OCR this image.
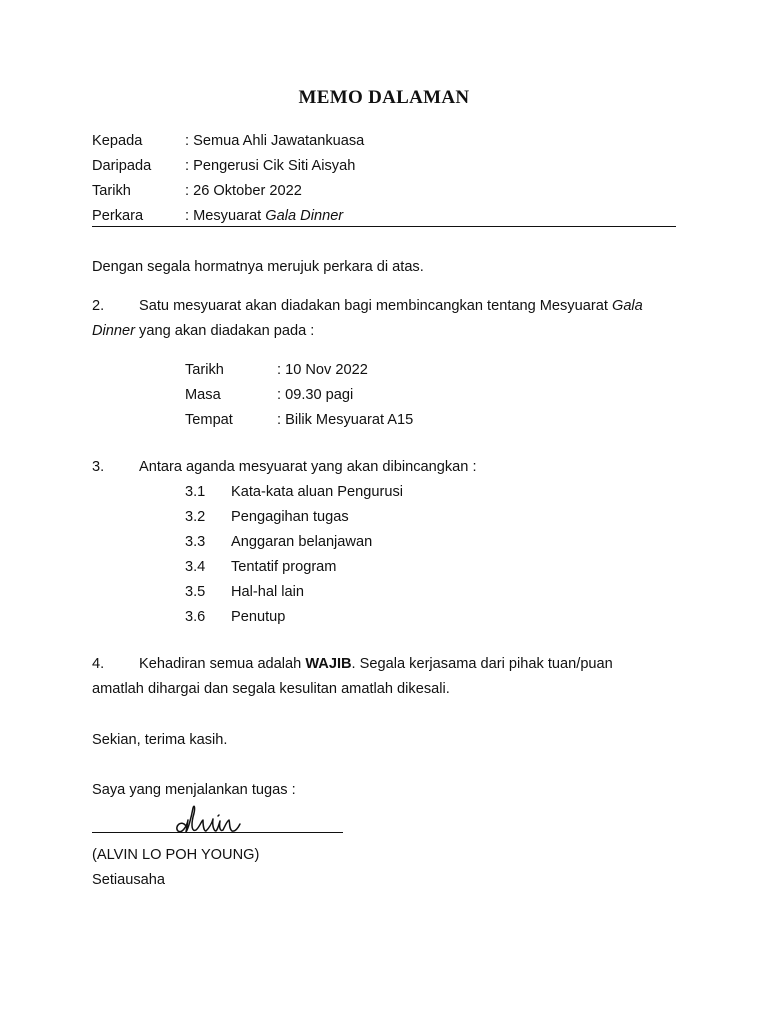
MEMO DALAMAN
Kepada	: Semua Ahli Jawatankuasa
Daripada : Pengerusi Cik Siti Aisyah
Tarikh	: 26 Oktober 2022
Perkara	: Mesyuarat Gala Dinner
Dengan segala hormatnya merujuk perkara di atas.
2. Satu mesyuarat akan diadakan bagi membincangkan tentang Mesyuarat Gala
Dinner yang akan diadakan pada :
Tarikh	: 10 Nov 2022
Masa	: 09.30 pagi
Tempat	: Bilik Mesyuarat A15
3. Antara aganda mesyuarat yang akan dibincangkan :
3.1 Kata-kata aluan Pengurusi
3.2 Pengagihan tugas
3.3 Anggaran belanjawan
3.4 Tentatif program
3.5 Hal-hal lain
3.6 Penutup
4. Kehadiran semua adalah WAJIB. Segala kerjasama dari pihak tuan/puan
amatlah dihargai dan segala kesulitan amatlah dikesali.
Sekian, terima kasih.
Saya yang menjalankan tugas :
(ALVIN LO POH YOUNG)
Setiausaha
